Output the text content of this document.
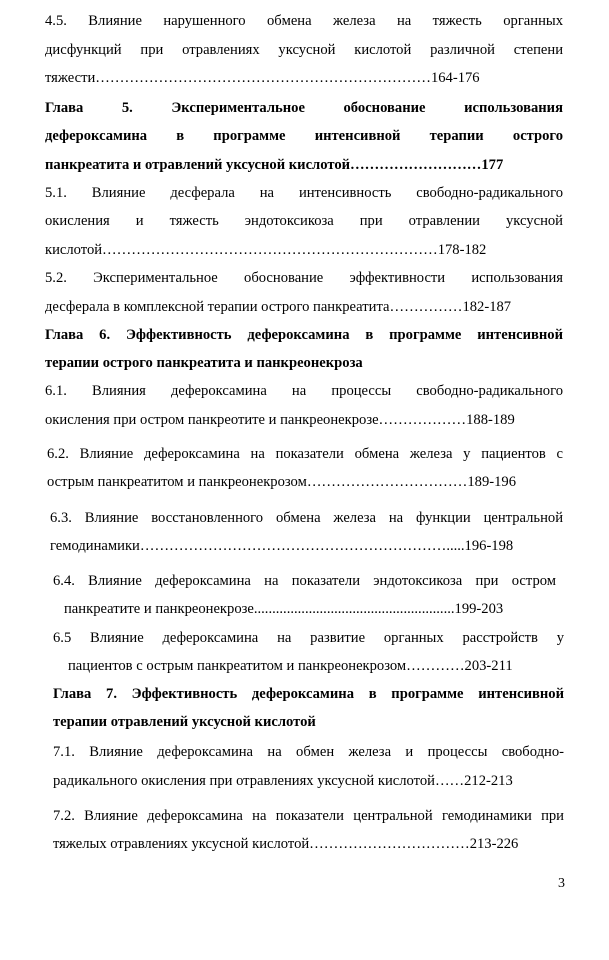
4.5. Влияние нарушенного обмена железа на тяжесть органных
дисфункций при отравлениях уксусной кислотой различной степени
тяжести……………………………………………………………164-176
Глава 5. Экспериментальное обоснование использования
дефероксамина в программе интенсивной терапии острого
панкреатита и отравлений уксусной кислотой………………………177
5.1. Влияние десферала на интенсивность свободно-радикального
окисления и тяжесть эндотоксикоза при отравлении уксусной
кислотой……………………………………………………………178-182
5.2. Экспериментальное обоснование эффективности использования
десферала в комплексной терапии острого панкреатита……………182-187
Глава 6. Эффективность дефероксамина в программе интенсивной
терапии острого панкреатита и панкреонекроза
6.1. Влияния дефероксамина на процессы свободно-радикального
окисления при остром панкреотите и панкреонекрозе………………188-189
6.2. Влияние дефероксамина на показатели обмена железа у пациентов с
острым панкреатитом и панкреонекрозом……………………………189-196
6.3. Влияние восстановленного обмена железа на функции центральной
гемодинамики……………………………………………………….....196-198
6.4. Влияние дефероксамина на показатели эндотоксикоза при остром
панкреатите и панкреонекрозе.......................................................199-203
6.5 Влияние дефероксамина на развитие органных расстройств у
пациентов с острым панкреатитом и панкреонекрозом…………203-211
Глава 7. Эффективность дефероксамина в программе интенсивной
терапии отравлений уксусной кислотой
7.1. Влияние дефероксамина на обмен железа и процессы свободно-
радикального окисления при отравлениях уксусной кислотой……212-213
7.2. Влияние дефероксамина на показатели центральной гемодинамики при
тяжелых отравлениях уксусной кислотой……………………………213-226
3
